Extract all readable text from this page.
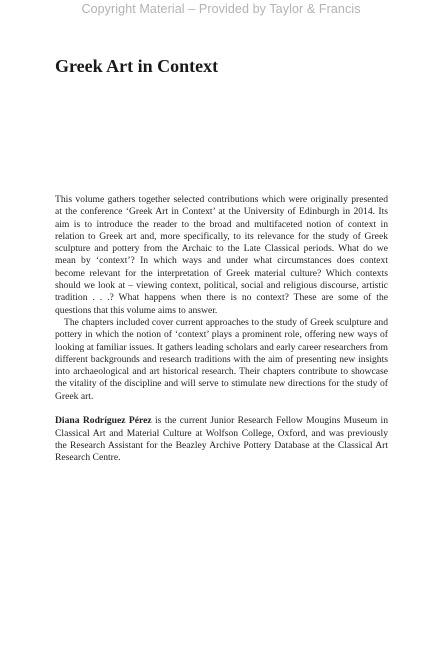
Copyright Material – Provided by Taylor & Francis
Greek Art in Context

This volume gathers together selected contributions which were originally presented at the conference ‘Greek Art in Context’ at the University of Edinburgh in 2014. Its aim is to introduce the reader to the broad and multifaceted notion of context in relation to Greek art and, more specifically, to its relevance for the study of Greek sculpture and pottery from the Archaic to the Late Classical periods. What do we mean by ‘context’? In which ways and under what circumstances does context become relevant for the interpretation of Greek material culture? Which contexts should we look at – viewing context, political, social and religious discourse, artistic tradition . . .? What happens when there is no context? These are some of the questions that this volume aims to answer.

The chapters included cover current approaches to the study of Greek sculpture and pottery in which the notion of ‘context’ plays a prominent role, offering new ways of looking at familiar issues. It gathers leading scholars and early career researchers from different backgrounds and research traditions with the aim of presenting new insights into archaeological and art historical research. Their chapters contribute to showcase the vitality of the discipline and will serve to stimulate new directions for the study of Greek art.

Diana Rodríguez Pérez is the current Junior Research Fellow Mougins Museum in Classical Art and Material Culture at Wolfson College, Oxford, and was previously the Research Assistant for the Beazley Archive Pottery Database at the Classical Art Research Centre.
